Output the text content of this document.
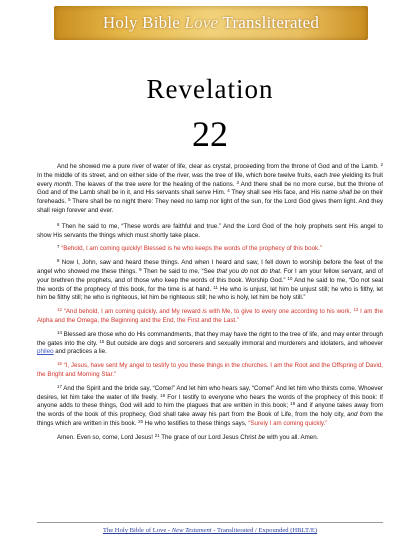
Holy Bible Love Transliterated
Revelation
22

And he showed me a pure river of water of life, clear as crystal, proceeding from the throne of God and of the Lamb. $^2$ In the middle of its street, and on either side of the river, was the tree of life, which bore twelve fruits, each tree yielding its fruit every month. The leaves of the tree were for the healing of the nations. $^3$ And there shall be no more curse, but the throne of God and of the Lamb shall be in it, and His servants shall serve Him. $^4$ They shall see His face, and His name shall be on their foreheads. $^5$ There shall be no night there: They need no lamp nor light of the sun, for the Lord God gives them light. And they shall reign forever and ever.

$^6$ Then he said to me, “These words are faithful and true.” And the Lord God of the holy prophets sent His angel to show His servants the things which must shortly take place.

$^7$ “Behold, I am coming quickly! Blessed is he who keeps the words of the prophecy of this book.”

$^8$ Now I, John, saw and heard these things. And when I heard and saw, I fell down to worship before the feet of the angel who showed me these things. $^9$ Then he said to me, “See that you do not do that. For I am your fellow servant, and of your brethren the prophets, and of those who keep the words of this book. Worship God.” $^{10}$ And he said to me, “Do not seal the words of the prophecy of this book, for the time is at hand. $^{11}$ He who is unjust, let him be unjust still; he who is filthy, let him be filthy still; he who is righteous, let him be righteous still; he who is holy, let him be holy still.”

$^{12}$ “And behold, I am coming quickly, and My reward is with Me, to give to every one according to his work. $^{13}$ I am the Alpha and the Omega, the Beginning and the End, the First and the Last.”

$^{14}$ Blessed are those who do His commandments, that they may have the right to the tree of life, and may enter through the gates into the city. $^{15}$ But outside are dogs and sorcerers and sexually immoral and murderers and idolaters, and whoever phileo and practices a lie.

$^{16}$ “I, Jesus, have sent My angel to testify to you these things in the churches. I am the Root and the Offspring of David, the Bright and Morning Star.”

$^{17}$ And the Spirit and the bride say, “Come!” And let him who hears say, “Come!” And let him who thirsts come. Whoever desires, let him take the water of life freely. $^{18}$ For I testify to everyone who hears the words of the prophecy of this book: If anyone adds to these things, God will add to him the plagues that are written in this book; $^{19}$ and if anyone takes away from the words of the book of this prophecy, God shall take away his part from the Book of Life, from the holy city, and from the things which are written in this book. $^{20}$ He who testifies to these things says, “Surely I am coming quickly.”

Amen. Even so, come, Lord Jesus! $^{21}$ The grace of our Lord Jesus Christ be with you all. Amen.

The Holy Bible of Love - New Testament - Transliterated / Expounded (HBLT/E)
